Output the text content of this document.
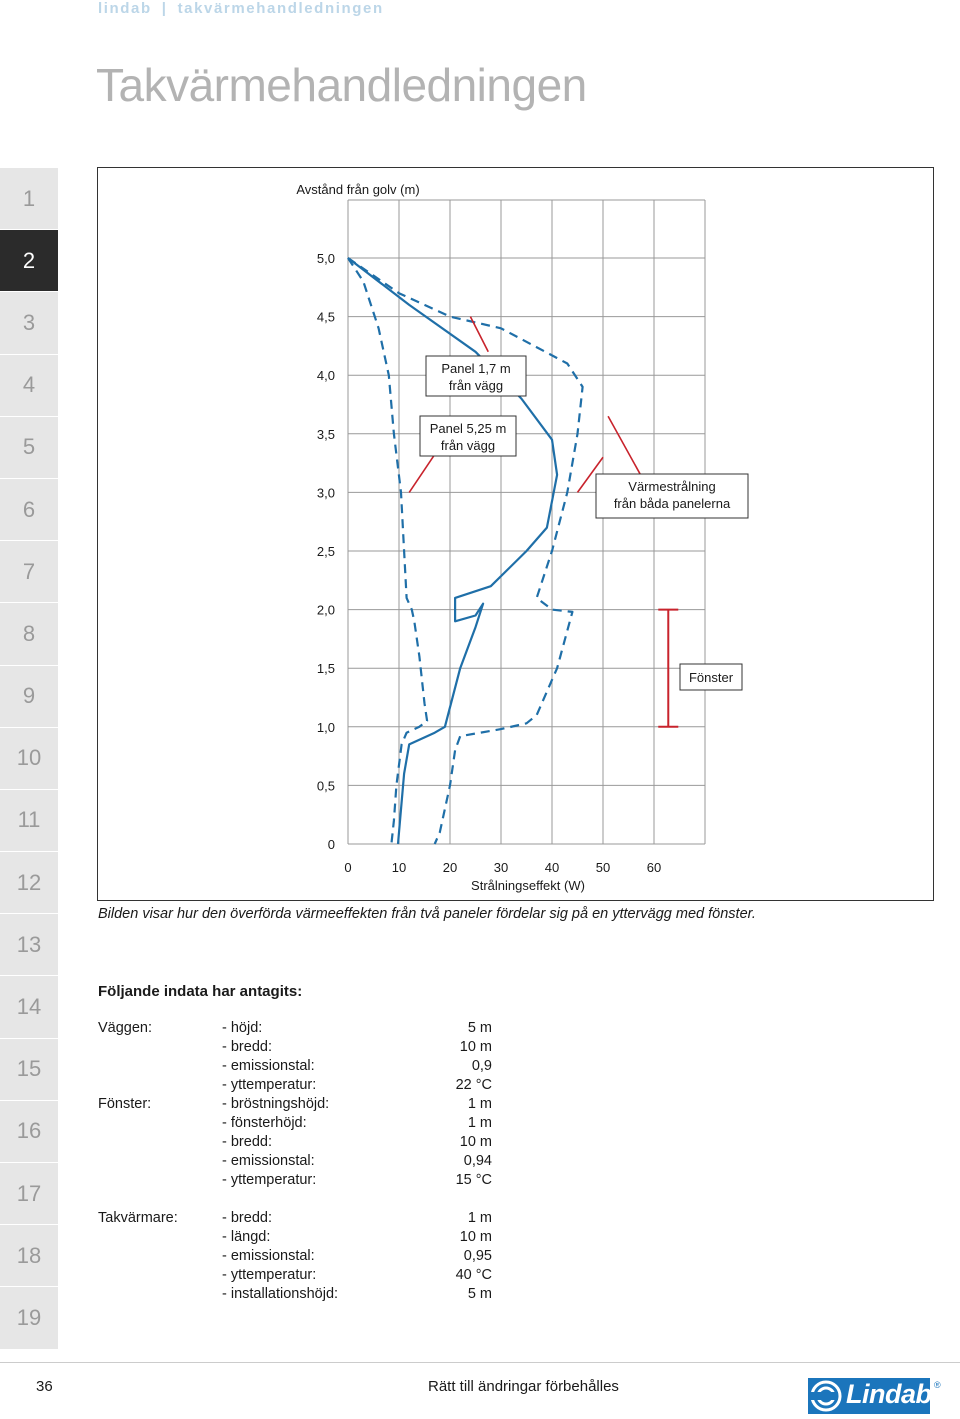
lindab | takvärmehandledningen
Takvärmehandledningen
1
2
3
4
5
6
7
8
9
10
11
12
13
14
15
16
17
18
19
5,0
4,5
4,0
3,5
3,0
2,5
2,0
1,5
1,0
0,5
0
0	10	20	30	40	50	60
Avstånd från golv (m)
Strålningseffekt (W)
Panel 1,7 m från vägg
Panel 5,25 m från vägg
Värmestrålning från båda panelerna
Fönster
Bilden visar hur den överförda värmeeffekten från två paneler fördelar sig på en yttervägg med fönster.
Följande indata har antagits:
Väggen:	- höjd:	5 m
- bredd:	10 m
- emissionstal:	0,9
- yttemperatur:	22 °C
Fönster:	- bröstningshöjd:	1 m
- fönsterhöjd:	1 m
- bredd:	10 m
- emissionstal:	0,94
- yttemperatur:	15 °C
Takvärmare:	- bredd:	1 m
- längd:	10 m
- emissionstal:	0,95
- yttemperatur:	40 °C
- installationshöjd:	5 m
36	Rätt till ändringar förbehålles	®
Lindab
